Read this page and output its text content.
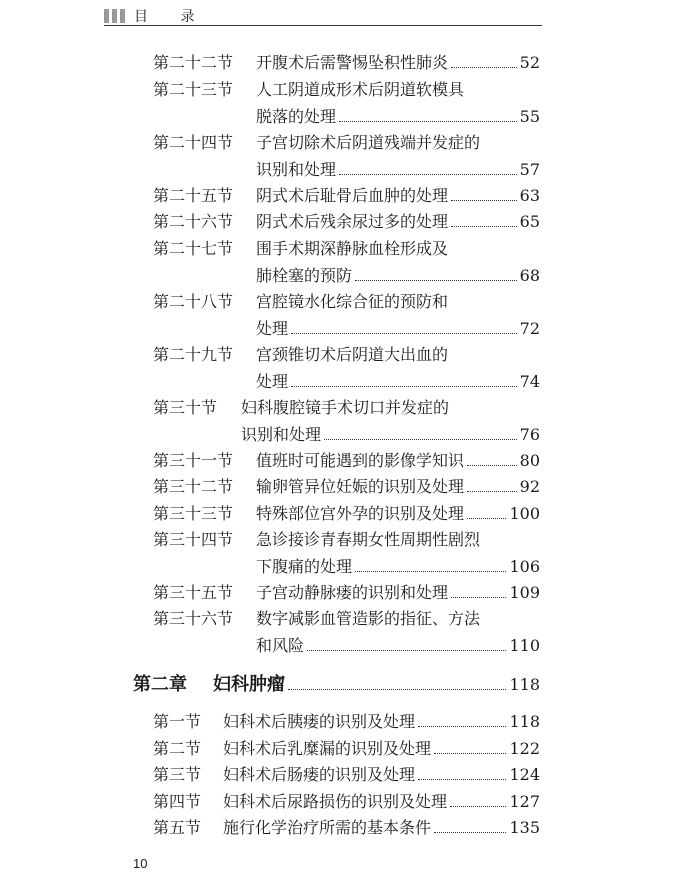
目 录
第二十二节	开腹术后需警惕坠积性肺炎	52
第二十三节	人工阴道成形术后阴道软模具
脱落的处理	55
第二十四节	子宫切除术后阴道残端并发症的
识别和处理	57
第二十五节	阴式术后耻骨后血肿的处理	63
第二十六节	阴式术后残余尿过多的处理	65
第二十七节	围手术期深静脉血栓形成及
肺栓塞的预防	68
第二十八节	宫腔镜水化综合征的预防和
处理	72
第二十九节	宫颈锥切术后阴道大出血的
处理	74
第三十节	妇科腹腔镜手术切口并发症的
识别和处理	76
第三十一节	值班时可能遇到的影像学知识	80
第三十二节	输卵管异位妊娠的识别及处理	92
第三十三节	特殊部位宫外孕的识别及处理	100
第三十四节	急诊接诊青春期女性周期性剧烈
下腹痛的处理	106
第三十五节	子宫动静脉瘘的识别和处理	109
第三十六节	数字减影血管造影的指征、方法
和风险	110
第二章	妇科肿瘤	118
第一节	妇科术后胰瘘的识别及处理	118
第二节	妇科术后乳糜漏的识别及处理	122
第三节	妇科术后肠瘘的识别及处理	124
第四节	妇科术后尿路损伤的识别及处理	127
第五节	施行化学治疗所需的基本条件	135
10
